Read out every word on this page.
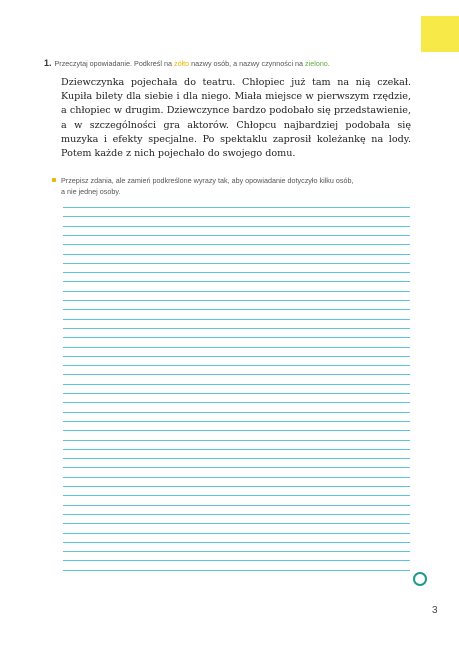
1. Przeczytaj opowiadanie. Podkreśl na żółto nazwy osób, a nazwy czynności na zielono.
Dziewczynka pojechała do teatru. Chłopiec już tam na nią czekał. Kupiła bilety dla siebie i dla niego. Miała miejsce w pierwszym rzędzie, a chłopiec w drugim. Dziewczynce bardzo podobało się przedstawienie, a w szczególności gra aktorów. Chłopcu najbardziej podobała się muzyka i efekty specjalne. Po spektaklu zaprosił koleżankę na lody. Potem każde z nich pojechało do swojego domu.
Przepisz zdania, ale zamień podkreślone wyrazy tak, aby opowiadanie dotyczyło kilku osób,
a nie jednej osoby.
3
